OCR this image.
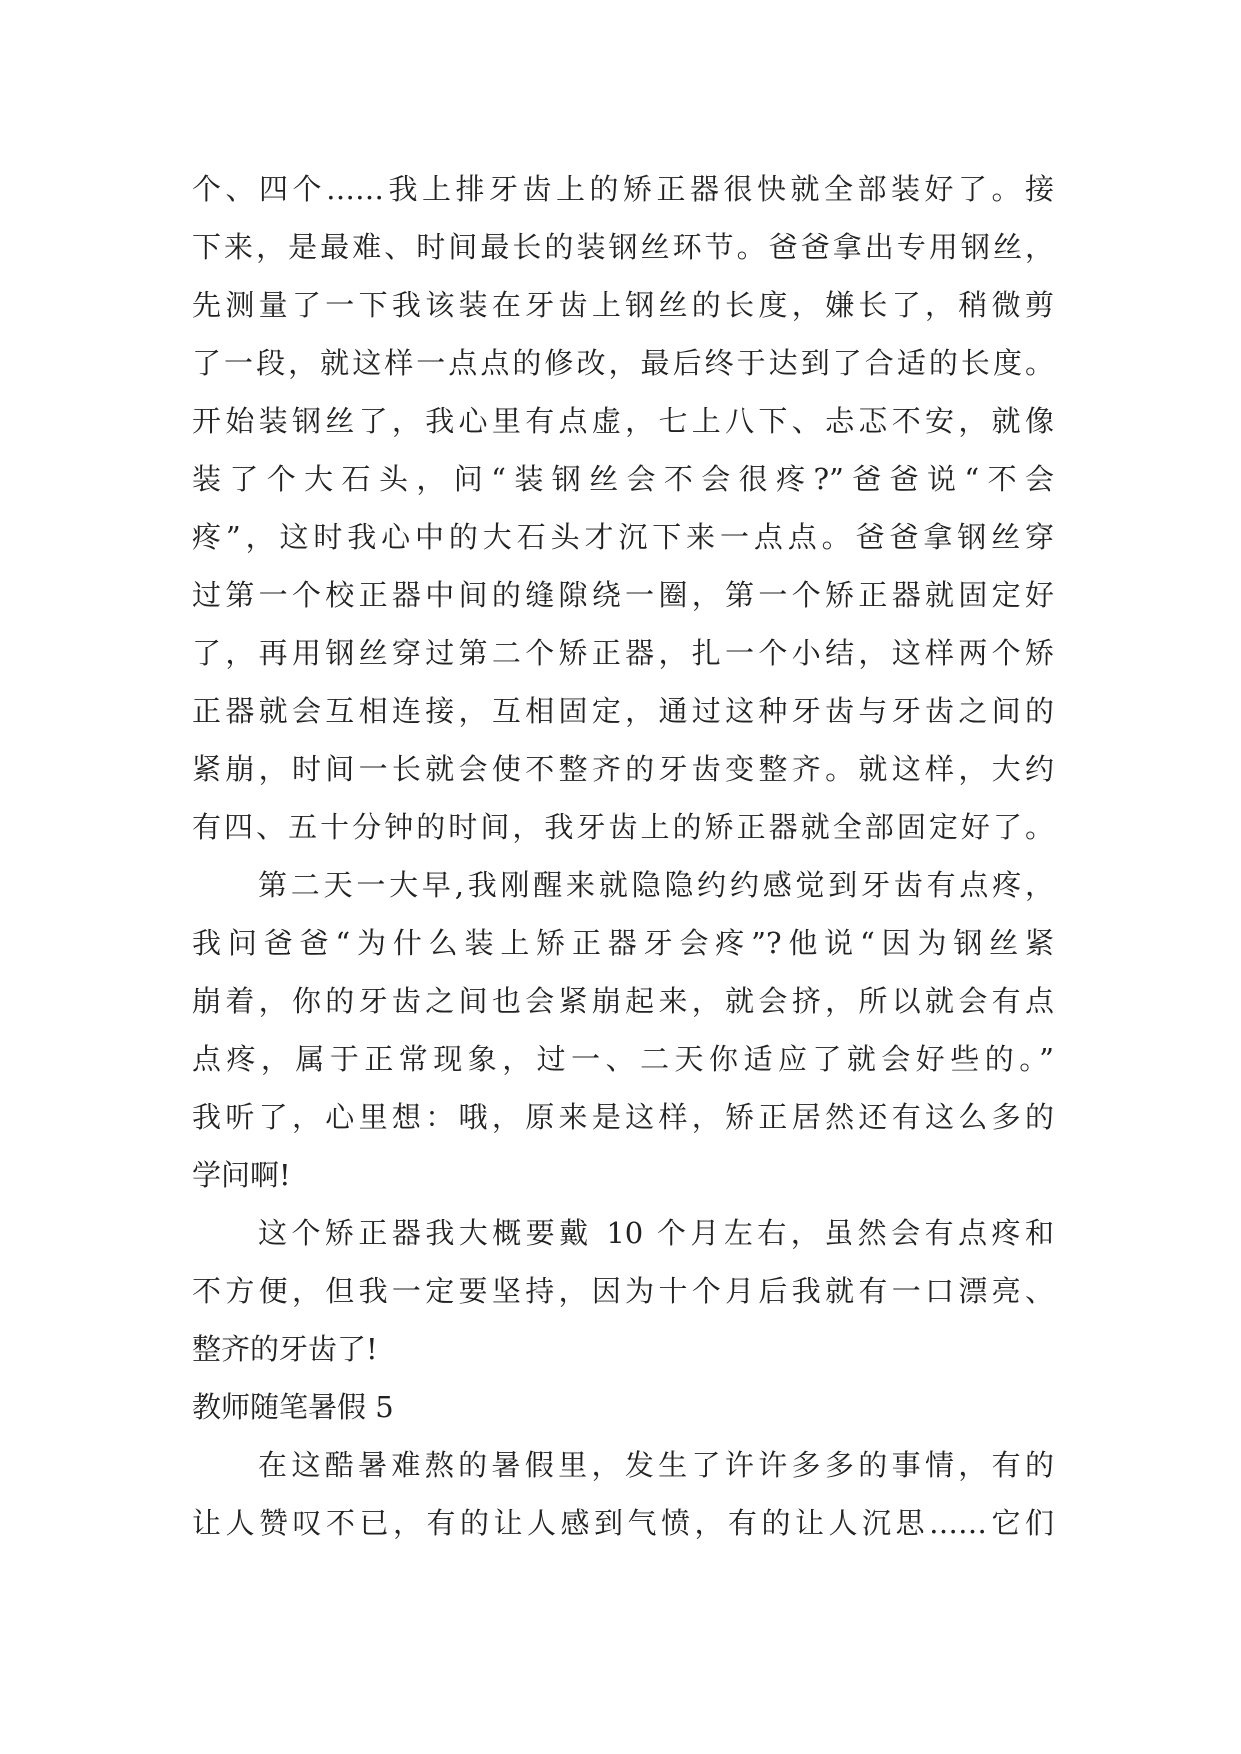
个、四个……我上排牙齿上的矫正器很快就全部装好了。接
下来，是最难、时间最长的装钢丝环节。爸爸拿出专用钢丝，
先测量了一下我该装在牙齿上钢丝的长度，嫌长了，稍微剪
了一段，就这样一点点的修改，最后终于达到了合适的长度。
开始装钢丝了，我心里有点虚，七上八下、忐忑不安，就像
装了个大石头，问“装钢丝会不会很疼?”爸爸说“不会
疼”，这时我心中的大石头才沉下来一点点。爸爸拿钢丝穿
过第一个校正器中间的缝隙绕一圈，第一个矫正器就固定好
了，再用钢丝穿过第二个矫正器，扎一个小结，这样两个矫
正器就会互相连接，互相固定，通过这种牙齿与牙齿之间的
紧崩，时间一长就会使不整齐的牙齿变整齐。就这样，大约
有四、五十分钟的时间，我牙齿上的矫正器就全部固定好了。
第二天一大早,我刚醒来就隐隐约约感觉到牙齿有点疼，
我问爸爸“为什么装上矫正器牙会疼”?他说“因为钢丝紧
崩着，你的牙齿之间也会紧崩起来，就会挤，所以就会有点
点疼，属于正常现象，过一、二天你适应了就会好些的。”
我听了，心里想：哦，原来是这样，矫正居然还有这么多的
学问啊!
这个矫正器我大概要戴 10 个月左右，虽然会有点疼和
不方便，但我一定要坚持，因为十个月后我就有一口漂亮、
整齐的牙齿了!
教师随笔暑假 5
在这酷暑难熬的暑假里，发生了许许多多的事情，有的
让人赞叹不已，有的让人感到气愤，有的让人沉思……它们
